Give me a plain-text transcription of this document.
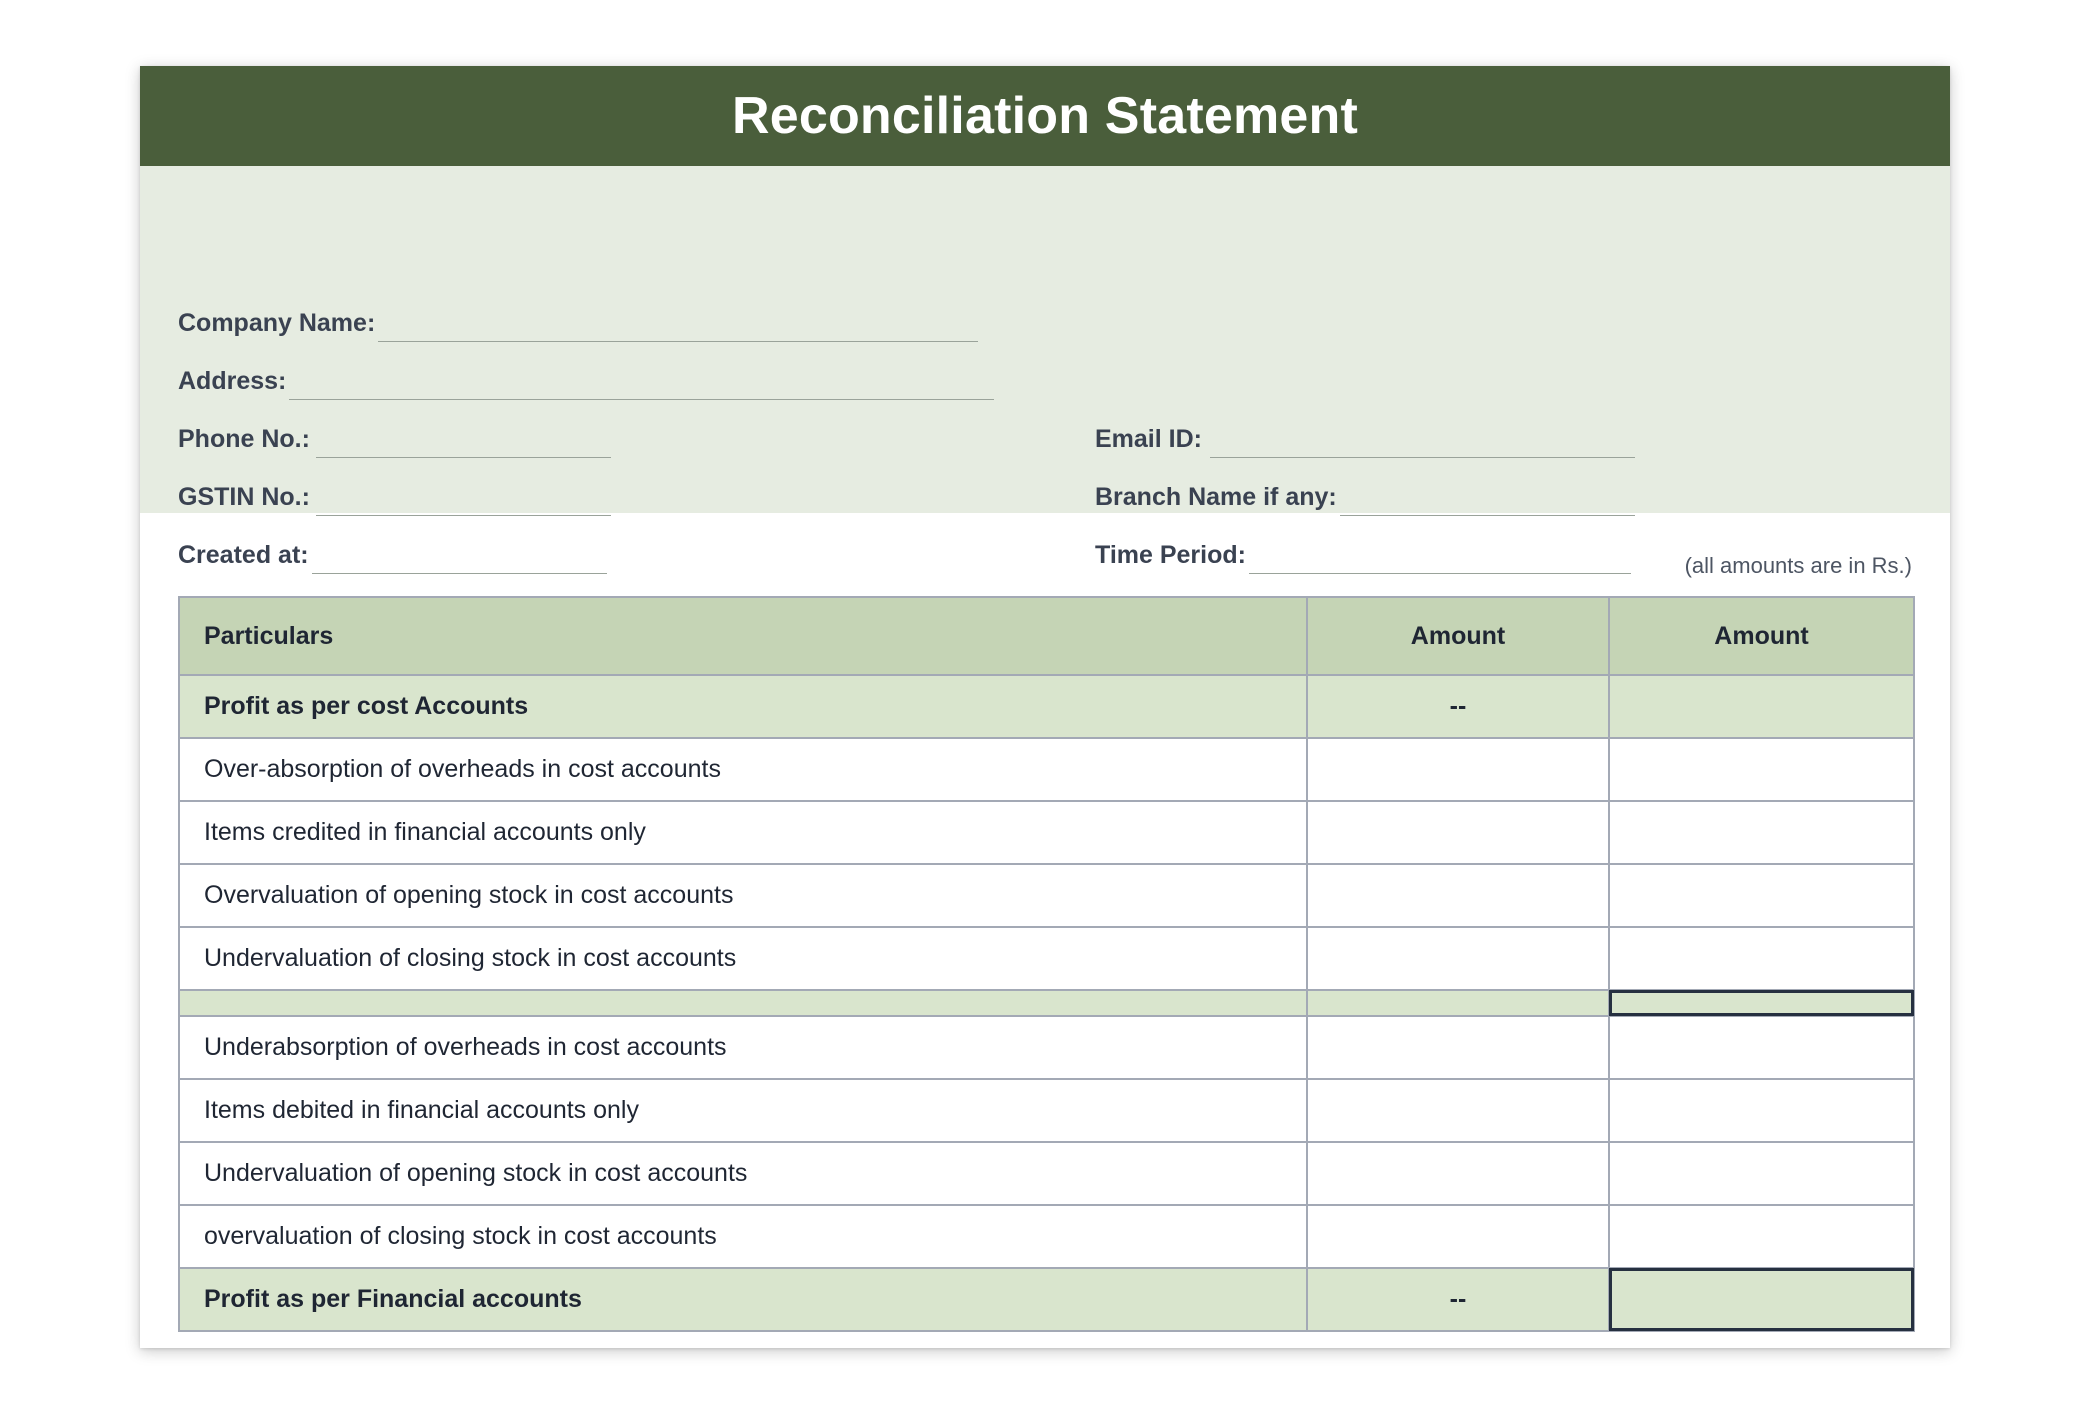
Reconciliation Statement
Company Name:
Address:
Phone No.:
GSTIN No.:
Created at:
Email ID:
Branch Name if any:
Time Period:	(all amounts are in Rs.)
Particulars	Amount	Amount
Profit as per cost Accounts	--	
Over-absorption of overheads in cost accounts		
Items credited in financial accounts only		
Overvaluation of opening stock in cost accounts		
Undervaluation of closing stock in cost accounts		

Underabsorption of overheads in cost accounts		
Items debited in financial accounts only		
Undervaluation of opening stock in cost accounts		
overvaluation of closing stock in cost accounts		
Profit as per Financial accounts	--	
